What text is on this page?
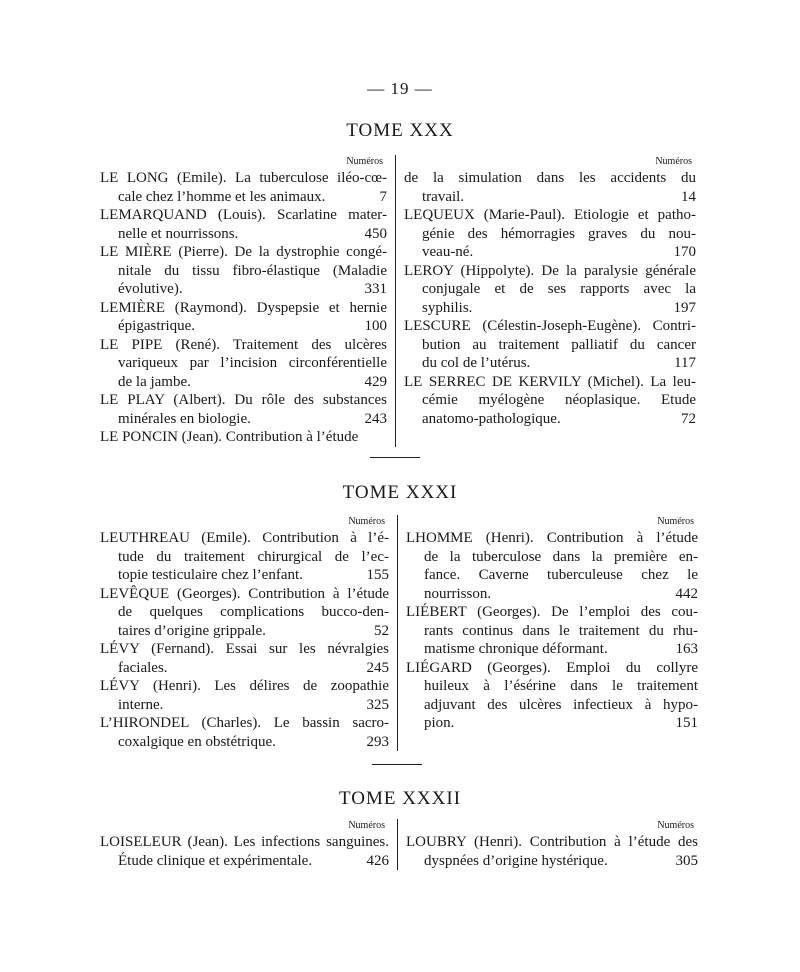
— 19 —
TOME XXX
Numéros
LE LONG (Emile). La tuberculose iléo-cœ-
cale chez l’homme et les animaux.	7
LEMARQUAND (Louis). Scarlatine mater-
nelle et nourrissons.	450
LE MIÈRE (Pierre). De la dystrophie congé-
nitale du tissu fibro-élastique (Maladie
évolutive).	331
LEMIÈRE (Raymond). Dyspepsie et hernie
épigastrique.	100
LE PIPE (René). Traitement des ulcères
variqueux par l’incision circonférentielle
de la jambe.	429
LE PLAY (Albert). Du rôle des substances
minérales en biologie.	243
LE PONCIN (Jean). Contribution à l’étude
Numéros
de la simulation dans les accidents du
travail.	14
LEQUEUX (Marie-Paul). Etiologie et patho-
génie des hémorragies graves du nou-
veau-né.	170
LEROY (Hippolyte). De la paralysie générale
conjugale et de ses rapports avec la
syphilis.	197
LESCURE (Célestin-Joseph-Eugène). Contri-
bution au traitement palliatif du cancer
du col de l’utérus.	117
LE SERREC DE KERVILY (Michel). La leu-
cémie myélogène néoplasique. Etude
anatomo-pathologique.	72
TOME XXXI
Numéros
LEUTHREAU (Emile). Contribution à l’é-
tude du traitement chirurgical de l’ec-
topie testiculaire chez l’enfant.	155
LEVÊQUE (Georges). Contribution à l’étude
de quelques complications bucco-den-
taires d’origine grippale.	52
LÉVY (Fernand). Essai sur les névralgies
faciales.	245
LÉVY (Henri). Les délires de zoopathie
interne.	325
L’HIRONDEL (Charles). Le bassin sacro-
coxalgique en obstétrique.	293
Numéros
LHOMME (Henri). Contribution à l’étude
de la tuberculose dans la première en-
fance. Caverne tuberculeuse chez le
nourrisson.	442
LIÉBERT (Georges). De l’emploi des cou-
rants continus dans le traitement du rhu-
matisme chronique déformant.	163
LIÉGARD (Georges). Emploi du collyre
huileux à l’ésérine dans le traitement
adjuvant des ulcères infectieux à hypo-
pion.	151
TOME XXXII
Numéros
LOISELEUR (Jean). Les infections sanguines.
Étude clinique et expérimentale.	426
Numéros
LOUBRY (Henri). Contribution à l’étude des
dyspnées d’origine hystérique.	305
